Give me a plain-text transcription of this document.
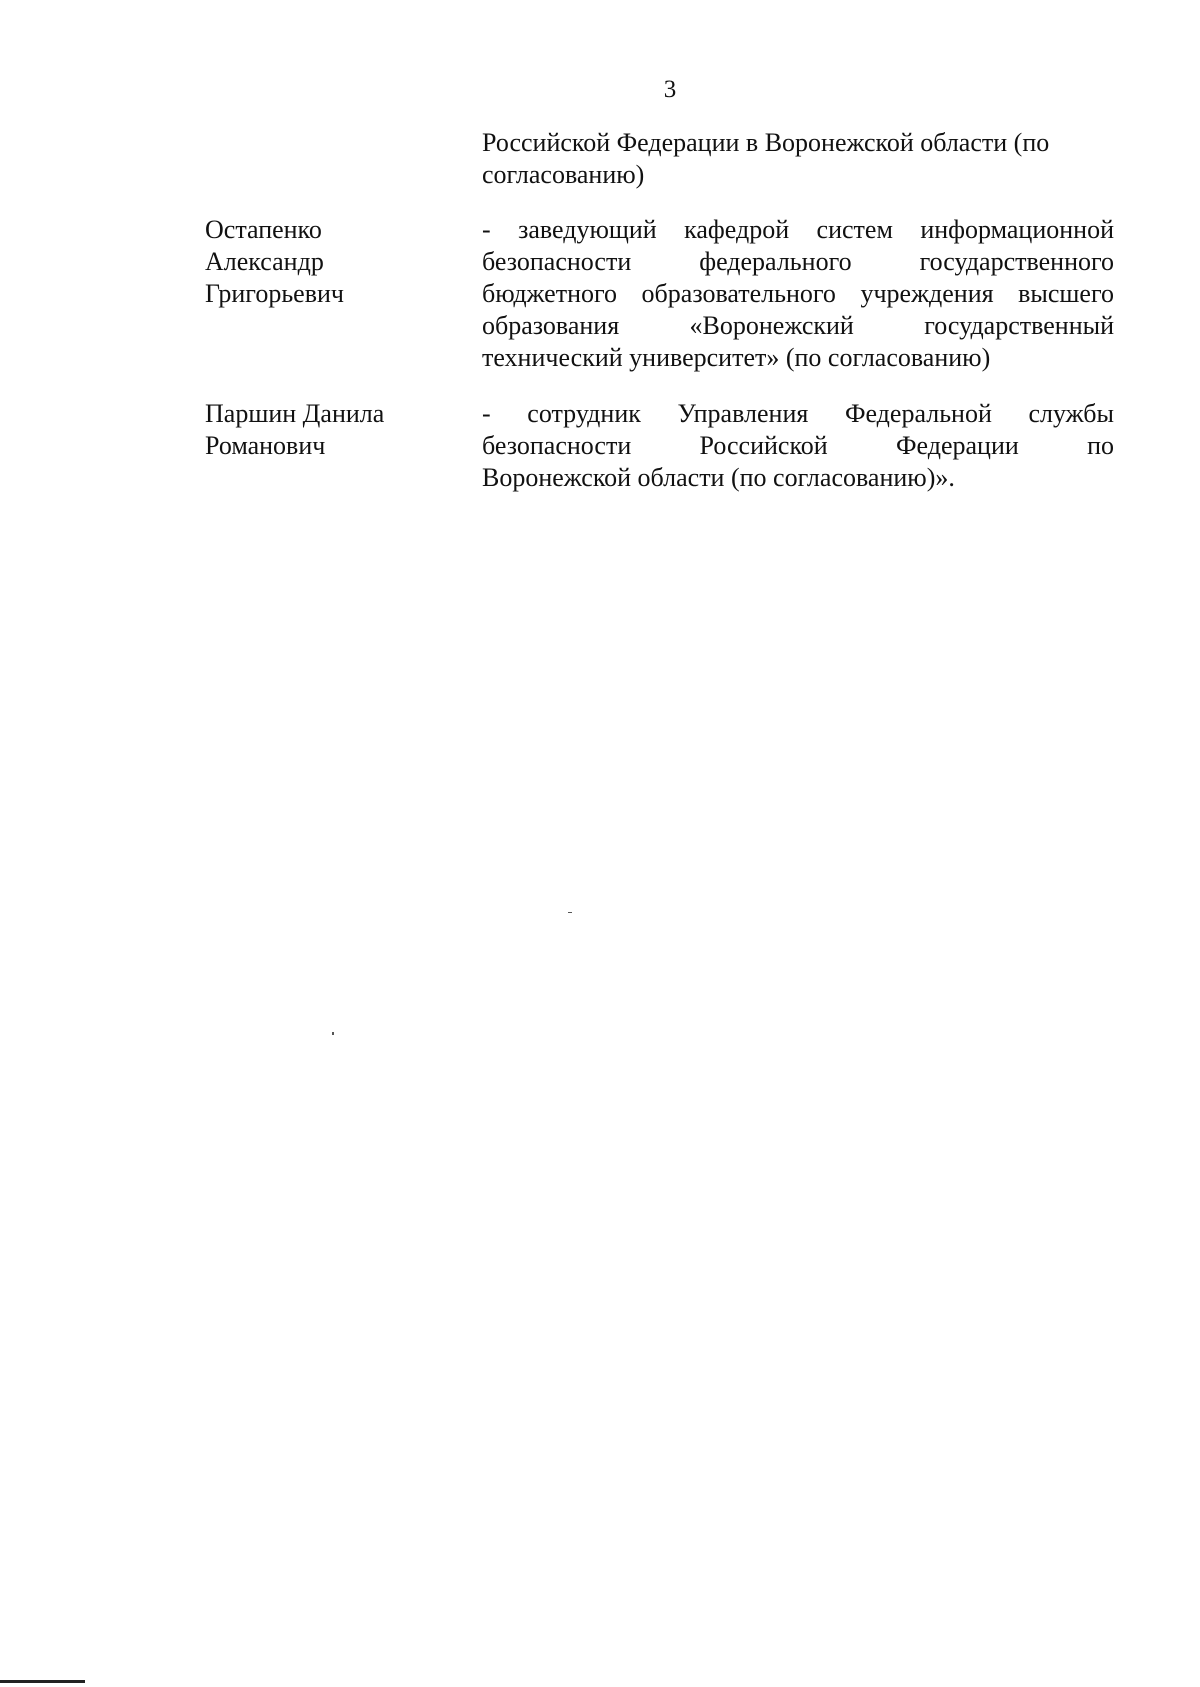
3
Российской Федерации в Воронежской области (по
согласованию)
Остапенко
Александр
Григорьевич
- заведующий кафедрой систем информационной
безопасности федерального государственного
бюджетного образовательного учреждения высшего
образования «Воронежский государственный
технический университет» (по согласованию)
Паршин Данила
Романович
- сотрудник Управления Федеральной службы
безопасности Российской Федерации по
Воронежской области (по согласованию)».
